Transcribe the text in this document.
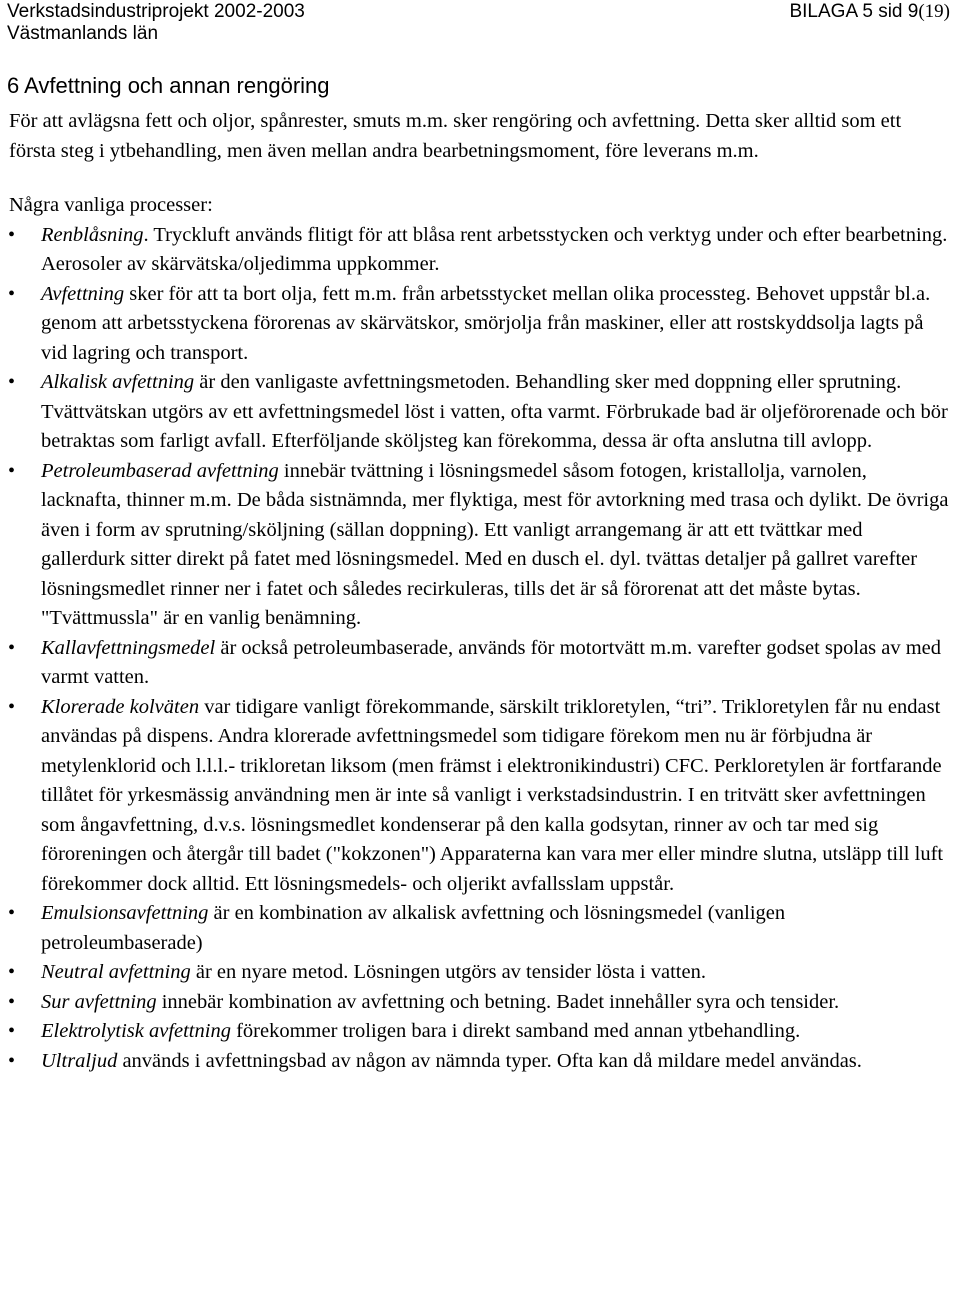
Verkstadsindustriprojekt 2002-2003
Västmanlands län
BILAGA 5 sid 9(19)
6 Avfettning och annan rengöring

För att avlägsna fett och oljor, spånrester, smuts m.m. sker rengöring och avfettning. Detta sker alltid som ett första steg i ytbehandling, men även mellan andra bearbetningsmoment, före leverans m.m.

Några vanliga processer:

• Renblåsning. Tryckluft används flitigt för att blåsa rent arbetsstycken och verktyg under och efter bearbetning. Aerosoler av skärvätska/oljedimma uppkommer.
• Avfettning sker för att ta bort olja, fett m.m. från arbetsstycket mellan olika processteg. Behovet uppstår bl.a. genom att arbetsstyckena förorenas av skärvätskor, smörjolja från maskiner, eller att rostskyddsolja lagts på vid lagring och transport.
• Alkalisk avfettning är den vanligaste avfettningsmetoden. Behandling sker med doppning eller sprutning. Tvättvätskan utgörs av ett avfettningsmedel löst i vatten, ofta varmt. Förbrukade bad är oljeförorenade och bör betraktas som farligt avfall. Efterföljande sköljsteg kan förekomma, dessa är ofta anslutna till avlopp.
• Petroleumbaserad avfettning innebär tvättning i lösningsmedel såsom fotogen, kristallolja, varnolen, lacknafta, thinner m.m. De båda sistnämnda, mer flyktiga, mest för avtorkning med trasa och dylikt. De övriga även i form av sprutning/sköljning (sällan doppning). Ett vanligt arrangemang är att ett tvättkar med gallerdurk sitter direkt på fatet med lösningsmedel. Med en dusch el. dyl. tvättas detaljer på gallret varefter lösningsmedlet rinner ner i fatet och således recirkuleras, tills det är så förorenat att det måste bytas. "Tvättmussla" är en vanlig benämning.
• Kallavfettningsmedel är också petroleumbaserade, används för motortvätt m.m. varefter godset spolas av med varmt vatten.
• Klorerade kolväten var tidigare vanligt förekommande, särskilt trikloretylen, “tri”. Trikloretylen får nu endast användas på dispens. Andra klorerade avfettningsmedel som tidigare förekom men nu är förbjudna är metylenklorid och l.l.l.- trikloretan liksom (men främst i elektronikindustri) CFC. Perkloretylen är fortfarande tillåtet för yrkesmässig användning men är inte så vanligt i verkstadsindustrin. I en tritvätt sker avfettningen som ångavfettning, d.v.s. lösningsmedlet kondenserar på den kalla godsytan, rinner av och tar med sig föroreningen och återgår till badet ("kokzonen") Apparaterna kan vara mer eller mindre slutna, utsläpp till luft förekommer dock alltid. Ett lösningsmedels- och oljerikt avfallsslam uppstår.
• Emulsionsavfettning är en kombination av alkalisk avfettning och lösningsmedel (vanligen petroleumbaserade)
• Neutral avfettning är en nyare metod. Lösningen utgörs av tensider lösta i vatten.
• Sur avfettning innebär kombination av avfettning och betning. Badet innehåller syra och tensider.
• Elektrolytisk avfettning förekommer troligen bara i direkt samband med annan ytbehandling.
• Ultraljud används i avfettningsbad av någon av nämnda typer. Ofta kan då mildare medel användas.
